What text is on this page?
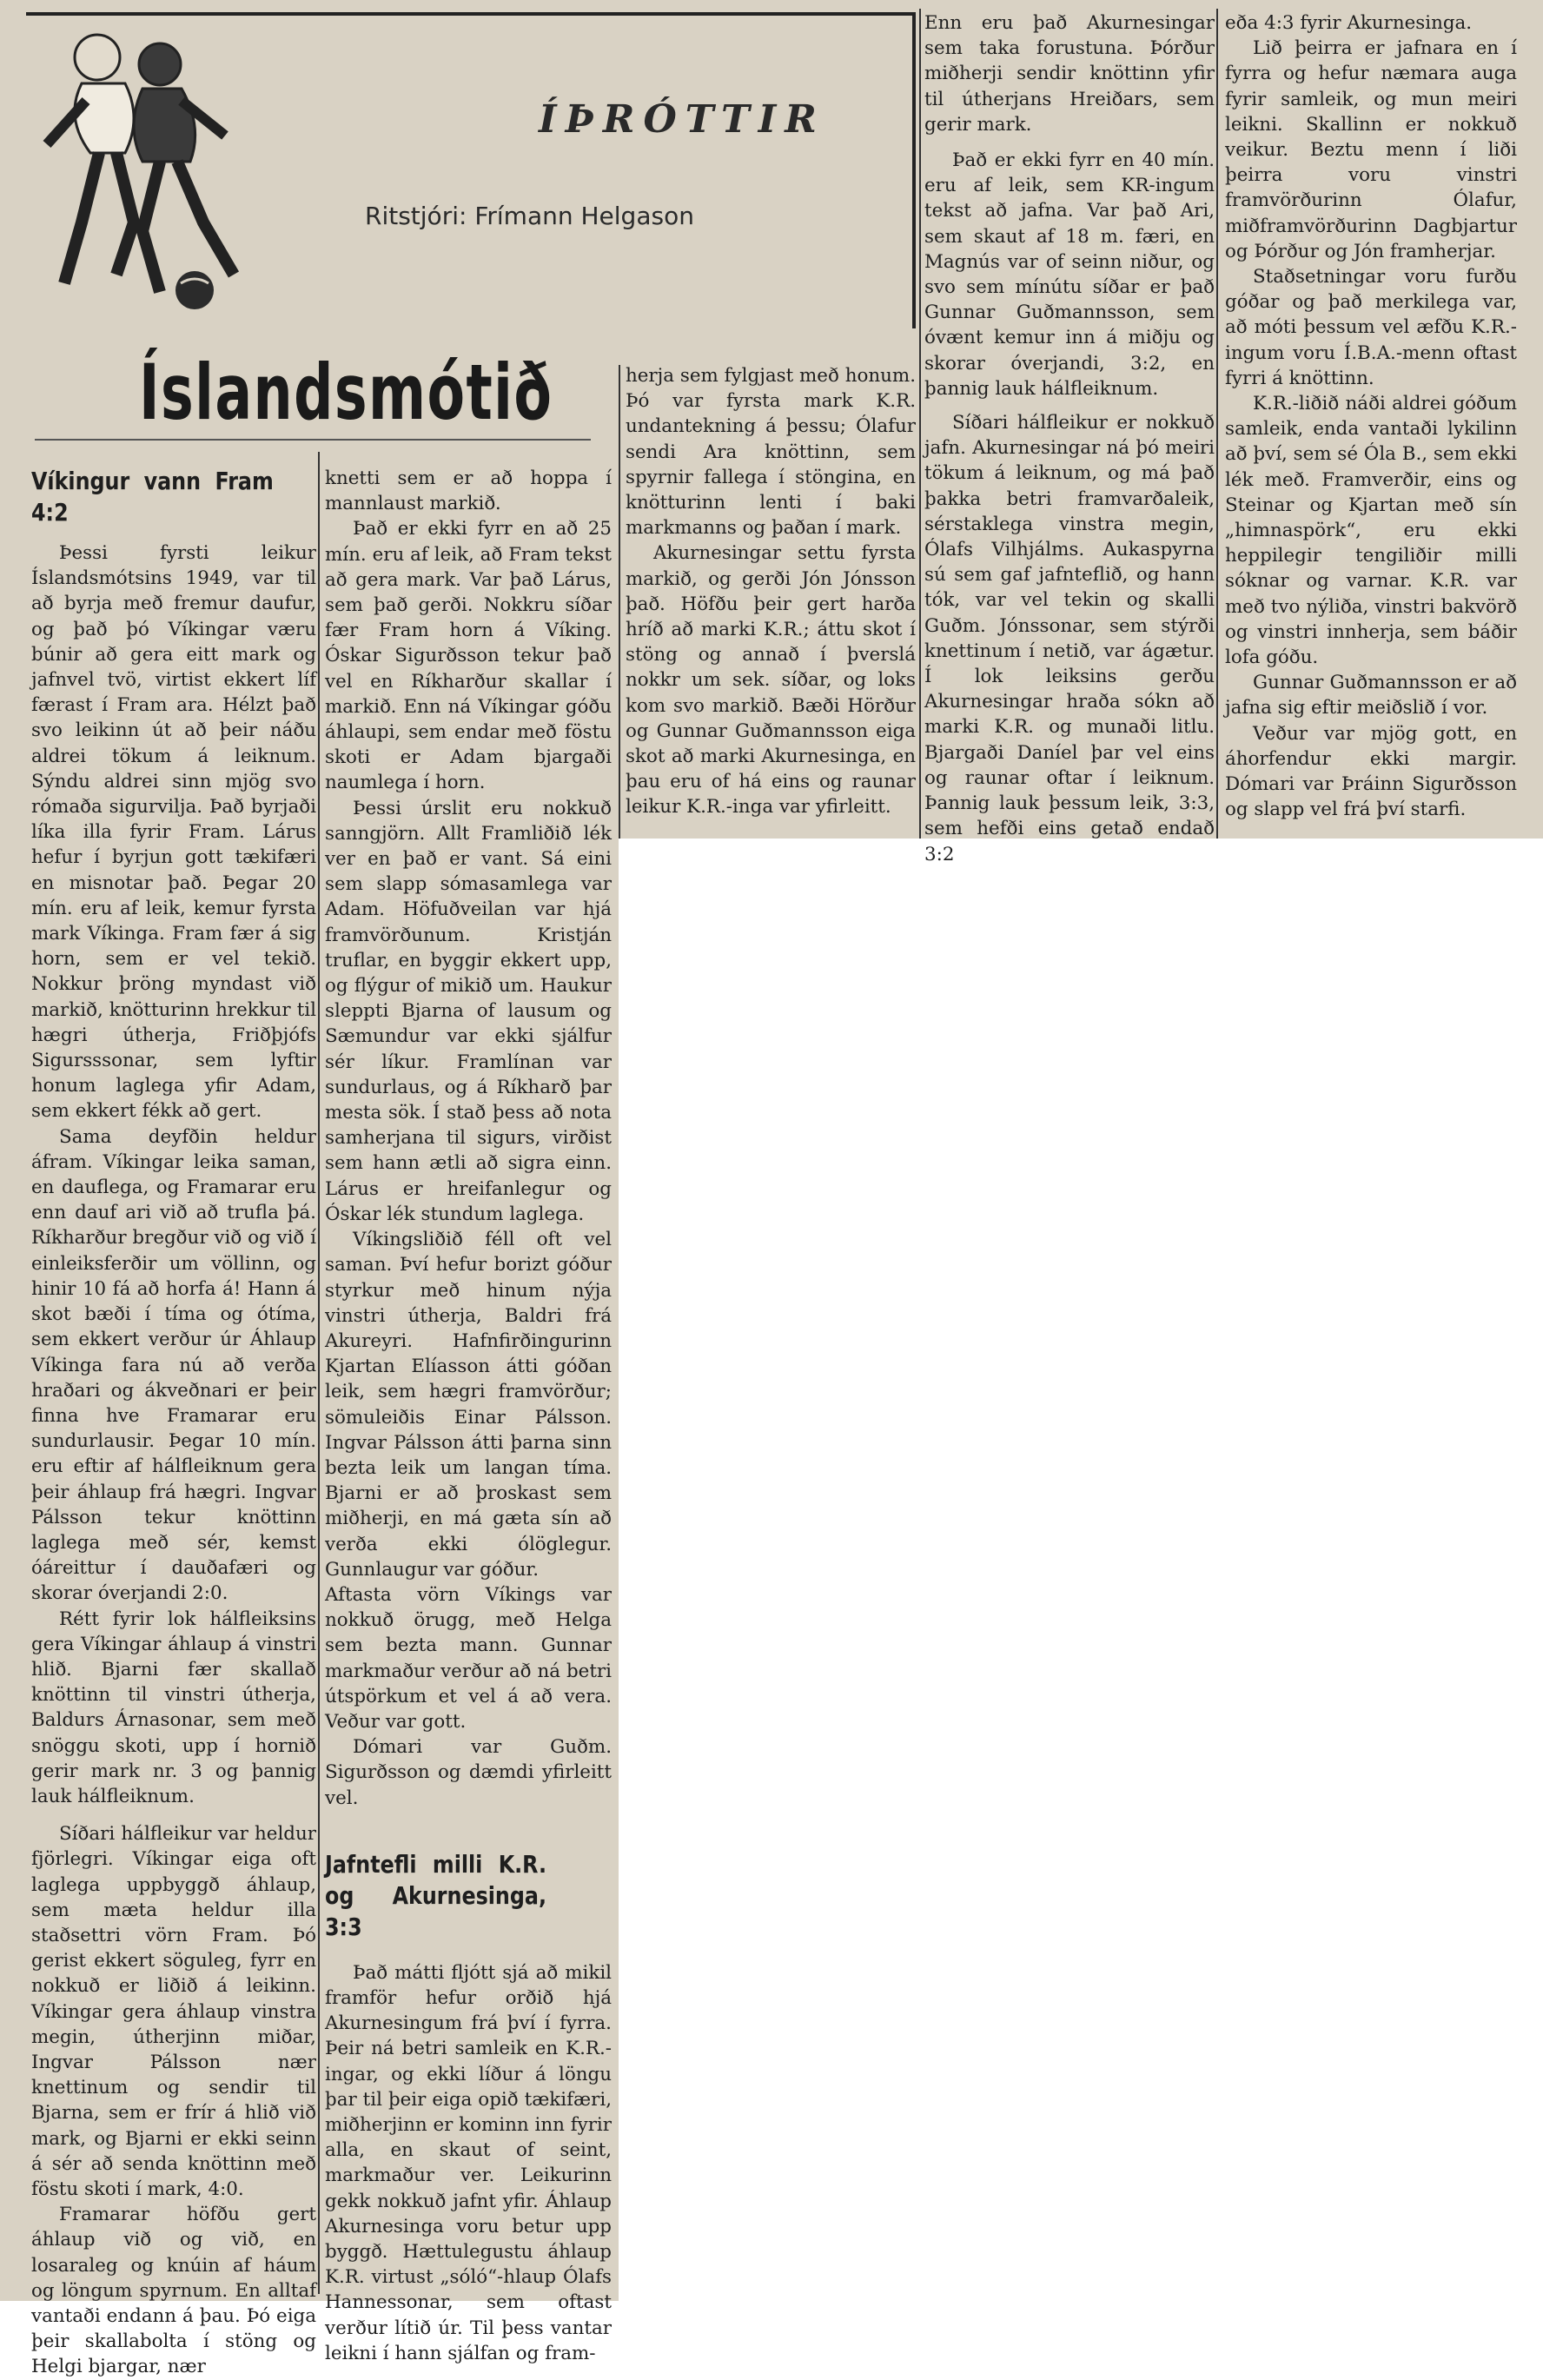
ÍÞRÓTTIR
Ritstjóri: Frímann Helgason
Íslandsmótið
Víkingur vann Fram 4:2

Þessi fyrsti leikur Íslandsmótsins 1949, var til að byrja með fremur daufur, og það þó Víkingar væru búnir að gera eitt mark og jafnvel tvö, virtist ekkert líf færast í Fram ara. Hélzt það svo leikinn út að þeir náðu aldrei tökum á leiknum. Sýndu aldrei sinn mjög svo rómaða sigurvilja. Það byrjaði líka illa fyrir Fram. Lárus hefur í byrjun gott tækifæri en misnotar það. Þegar 20 mín. eru af leik, kemur fyrsta mark Víkinga. Fram fær á sig horn, sem er vel tekið. Nokkur þröng myndast við markið, knötturinn hrekkur til hægri útherja, Friðþjófs Sigursssonar, sem lyftir honum laglega yfir Adam, sem ekkert fékk að gert.

Sama deyfðin heldur áfram. Víkingar leika saman, en dauflega, og Framarar eru enn dauf ari við að trufla þá. Ríkharður bregður við og við í einleiksferðir um völlinn, og hinir 10 fá að horfa á! Hann á skot bæði í tíma og ótíma, sem ekkert verður úr Áhlaup Víkinga fara nú að verða hraðari og ákveðnari er þeir finna hve Framarar eru sundurlausir. Þegar 10 mín. eru eftir af hálfleiknum gera þeir áhlaup frá hægri. Ingvar Pálsson tekur knöttinn laglega með sér, kemst óáreittur í dauðafæri og skorar óverjandi 2:0.

Rétt fyrir lok hálfleiksins gera Víkingar áhlaup á vinstri hlið. Bjarni fær skallað knöttinn til vinstri útherja, Baldurs Árnasonar, sem með snöggu skoti, upp í hornið gerir mark nr. 3 og þannig lauk hálfleiknum.

Síðari hálfleikur var heldur fjörlegri. Víkingar eiga oft laglega uppbyggð áhlaup, sem mæta heldur illa staðsettri vörn Fram. Þó gerist ekkert söguleg, fyrr en nokkuð er liðið á leikinn. Víkingar gera áhlaup vinstra megin, útherjinn miðar, Ingvar Pálsson nær knettinum og sendir til Bjarna, sem er frír á hlið við mark, og Bjarni er ekki seinn á sér að senda knöttinn með föstu skoti í mark, 4:0.

Framarar höfðu gert áhlaup við og við, en losaraleg og knúin af háum og löngum spyrnum. En alltaf vantaði endann á þau. Þó eiga þeir skallabolta í stöng og Helgi bjargar, nær

knetti sem er að hoppa í mannlaust markið.

Það er ekki fyrr en að 25 mín. eru af leik, að Fram tekst að gera mark. Var það Lárus, sem það gerði. Nokkru síðar fær Fram horn á Víking. Óskar Sigurðsson tekur það vel en Ríkharður skallar í markið. Enn ná Víkingar góðu áhlaupi, sem endar með föstu skoti er Adam bjargaði naumlega í horn.

Þessi úrslit eru nokkuð sanngjörn. Allt Framliðið lék ver en það er vant. Sá eini sem slapp sómasamlega var Adam. Höfuðveilan var hjá framvörðunum. Kristján truflar, en byggir ekkert upp, og flýgur of mikið um. Haukur sleppti Bjarna of lausum og Sæmundur var ekki sjálfur sér líkur. Framlínan var sundurlaus, og á Ríkharð þar mesta sök. Í stað þess að nota samherjana til sigurs, virðist sem hann ætli að sigra einn. Lárus er hreifanlegur og Óskar lék stundum laglega.

Víkingsliðið féll oft vel saman. Því hefur borizt góður styrkur með hinum nýja vinstri útherja, Baldri frá Akureyri. Hafnfirðingurinn Kjartan Elíasson átti góðan leik, sem hægri framvörður; sömuleiðis Einar Pálsson. Ingvar Pálsson átti þarna sinn bezta leik um langan tíma. Bjarni er að þroskast sem miðherji, en má gæta sín að verða ekki ólöglegur. Gunnlaugur var góður.

Aftasta vörn Víkings var nokkuð örugg, með Helga sem bezta mann. Gunnar markmaður verður að ná betri útspörkum et vel á að vera. Veður var gott.

Dómari var Guðm. Sigurðsson og dæmdi yfirleitt vel.

Jafntefli milli K.R. og Akurnesinga, 3:3

Það mátti fljótt sjá að mikil framför hefur orðið hjá Akurnesingum frá því í fyrra. Þeir ná betri samleik en K.R.-ingar, og ekki líður á löngu þar til þeir eiga opið tækifæri, miðherjinn er kominn inn fyrir alla, en skaut of seint, markmaður ver. Leikurinn gekk nokkuð jafnt yfir. Áhlaup Akurnesinga voru betur upp byggð. Hættulegustu áhlaup K.R. virtust „sóló“-hlaup Ólafs Hannessonar, sem oftast verður lítið úr. Til þess vantar leikni í hann sjálfan og fram-

herja sem fylgjast með honum. Þó var fyrsta mark K.R. undantekning á þessu; Ólafur sendi Ara knöttinn, sem spyrnir fallega í stöngina, en knötturinn lenti í baki markmanns og þaðan í mark.

Akurnesingar settu fyrsta markið, og gerði Jón Jónsson það. Höfðu þeir gert harða hríð að marki K.R.; áttu skot í stöng og annað í þverslá nokkr um sek. síðar, og loks kom svo markið. Bæði Hörður og Gunnar Guðmannsson eiga skot að marki Akurnesinga, en þau eru of há eins og raunar leikur K.R.-inga var yfirleitt.

Enn eru það Akurnesingar sem taka forustuna. Þórður miðherji sendir knöttinn yfir til útherjans Hreiðars, sem gerir mark.

Það er ekki fyrr en 40 mín. eru af leik, sem KR-ingum tekst að jafna. Var það Ari, sem skaut af 18 m. færi, en Magnús var of seinn niður, og svo sem mínútu síðar er það Gunnar Guðmannsson, sem óvænt kemur inn á miðju og skorar óverjandi, 3:2, en þannig lauk hálfleiknum.

Síðari hálfleikur er nokkuð jafn. Akurnesingar ná þó meiri tökum á leiknum, og má það þakka betri framvarðaleik, sérstaklega vinstra megin, Ólafs Vilhjálms. Aukaspyrna sú sem gaf jafnteflið, og hann tók, var vel tekin og skalli Guðm. Jónssonar, sem stýrði knettinum í netið, var ágætur. Í lok leiksins gerðu Akurnesingar hraða sókn að marki K.R. og munaði litlu. Bjargaði Daníel þar vel eins og raunar oftar í leiknum. Þannig lauk þessum leik, 3:3, sem hefði eins getað endað 3:2

eða 4:3 fyrir Akurnesinga.

Lið þeirra er jafnara en í fyrra og hefur næmara auga fyrir samleik, og mun meiri leikni. Skallinn er nokkuð veikur. Beztu menn í liði þeirra voru vinstri framvörðurinn Ólafur, miðframvörðurinn Dagbjartur og Þórður og Jón framherjar.

Staðsetningar voru furðu góðar og það merkilega var, að móti þessum vel æfðu K.R.-ingum voru Í.B.A.-menn oftast fyrri á knöttinn.

K.R.-liðið náði aldrei góðum samleik, enda vantaði lykilinn að því, sem sé Óla B., sem ekki lék með. Framverðir, eins og Steinar og Kjartan með sín „himnaspörk“, eru ekki heppilegir tengiliðir milli sóknar og varnar. K.R. var með tvo nýliða, vinstri bakvörð og vinstri innherja, sem báðir lofa góðu.

Gunnar Guðmannsson er að jafna sig eftir meiðslið í vor.

Veður var mjög gott, en áhorfendur ekki margir. Dómari var Þráinn Sigurðsson og slapp vel frá því starfi.
